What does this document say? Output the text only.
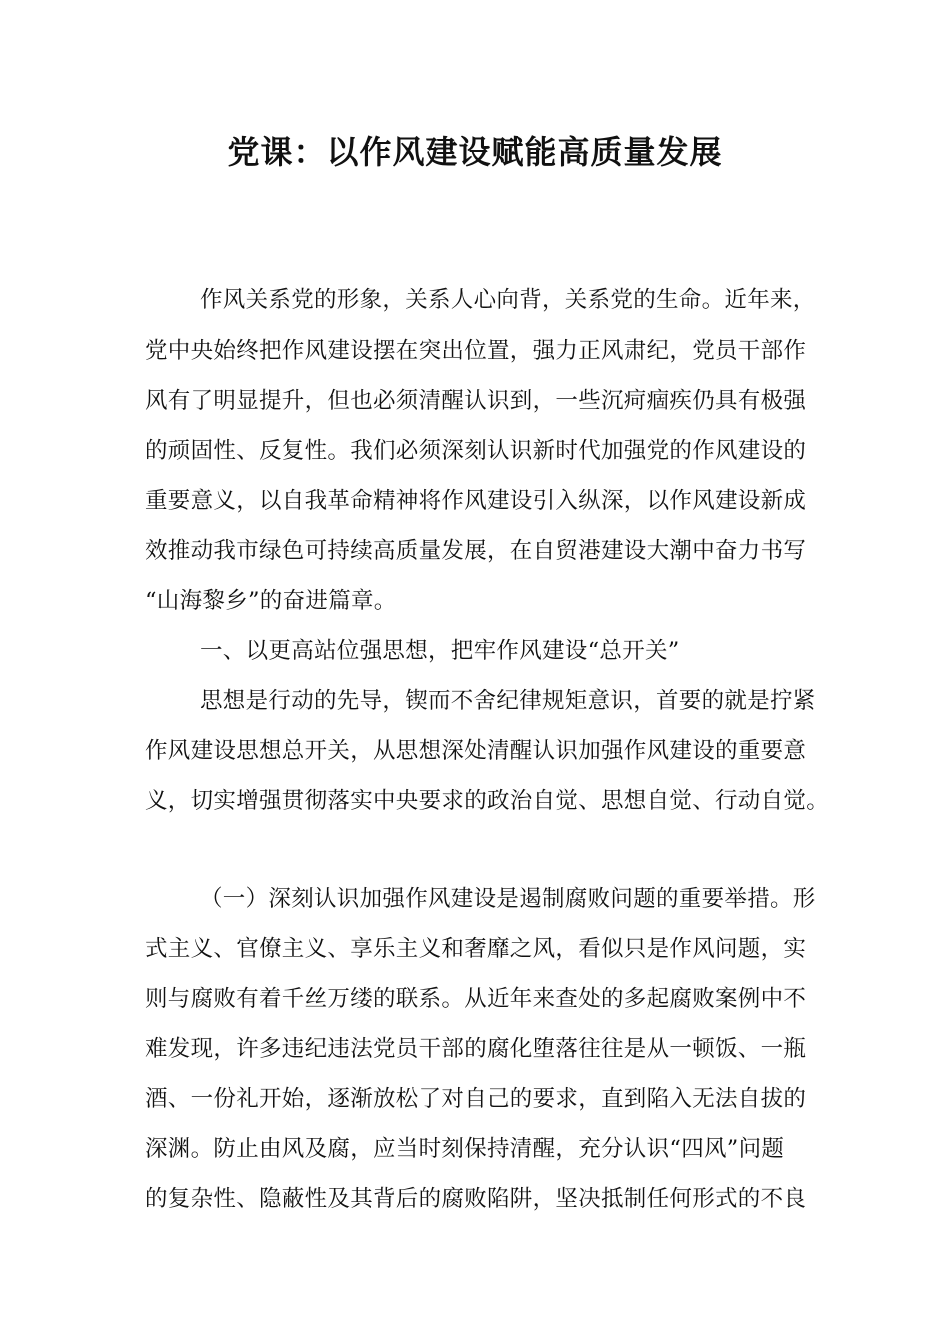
党课：以作风建设赋能高质量发展
作风关系党的形象，关系人心向背，关系党的生命。近年来，
党中央始终把作风建设摆在突出位置，强力正风肃纪，党员干部作
风有了明显提升，但也必须清醒认识到，一些沉疴痼疾仍具有极强
的顽固性、反复性。我们必须深刻认识新时代加强党的作风建设的
重要意义，以自我革命精神将作风建设引入纵深，以作风建设新成
效推动我市绿色可持续高质量发展，在自贸港建设大潮中奋力书写
“山海黎乡”的奋进篇章。
一、以更高站位强思想，把牢作风建设“总开关”
思想是行动的先导，锲而不舍纪律规矩意识，首要的就是拧紧
作风建设思想总开关，从思想深处清醒认识加强作风建设的重要意
义，切实增强贯彻落实中央要求的政治自觉、思想自觉、行动自觉。
（一）深刻认识加强作风建设是遏制腐败问题的重要举措。形
式主义、官僚主义、享乐主义和奢靡之风，看似只是作风问题，实
则与腐败有着千丝万缕的联系。从近年来查处的多起腐败案例中不
难发现，许多违纪违法党员干部的腐化堕落往往是从一顿饭、一瓶
酒、一份礼开始，逐渐放松了对自己的要求，直到陷入无法自拔的
深渊。防止由风及腐，应当时刻保持清醒，充分认识“四风”问题
的复杂性、隐蔽性及其背后的腐败陷阱，坚决抵制任何形式的不良
